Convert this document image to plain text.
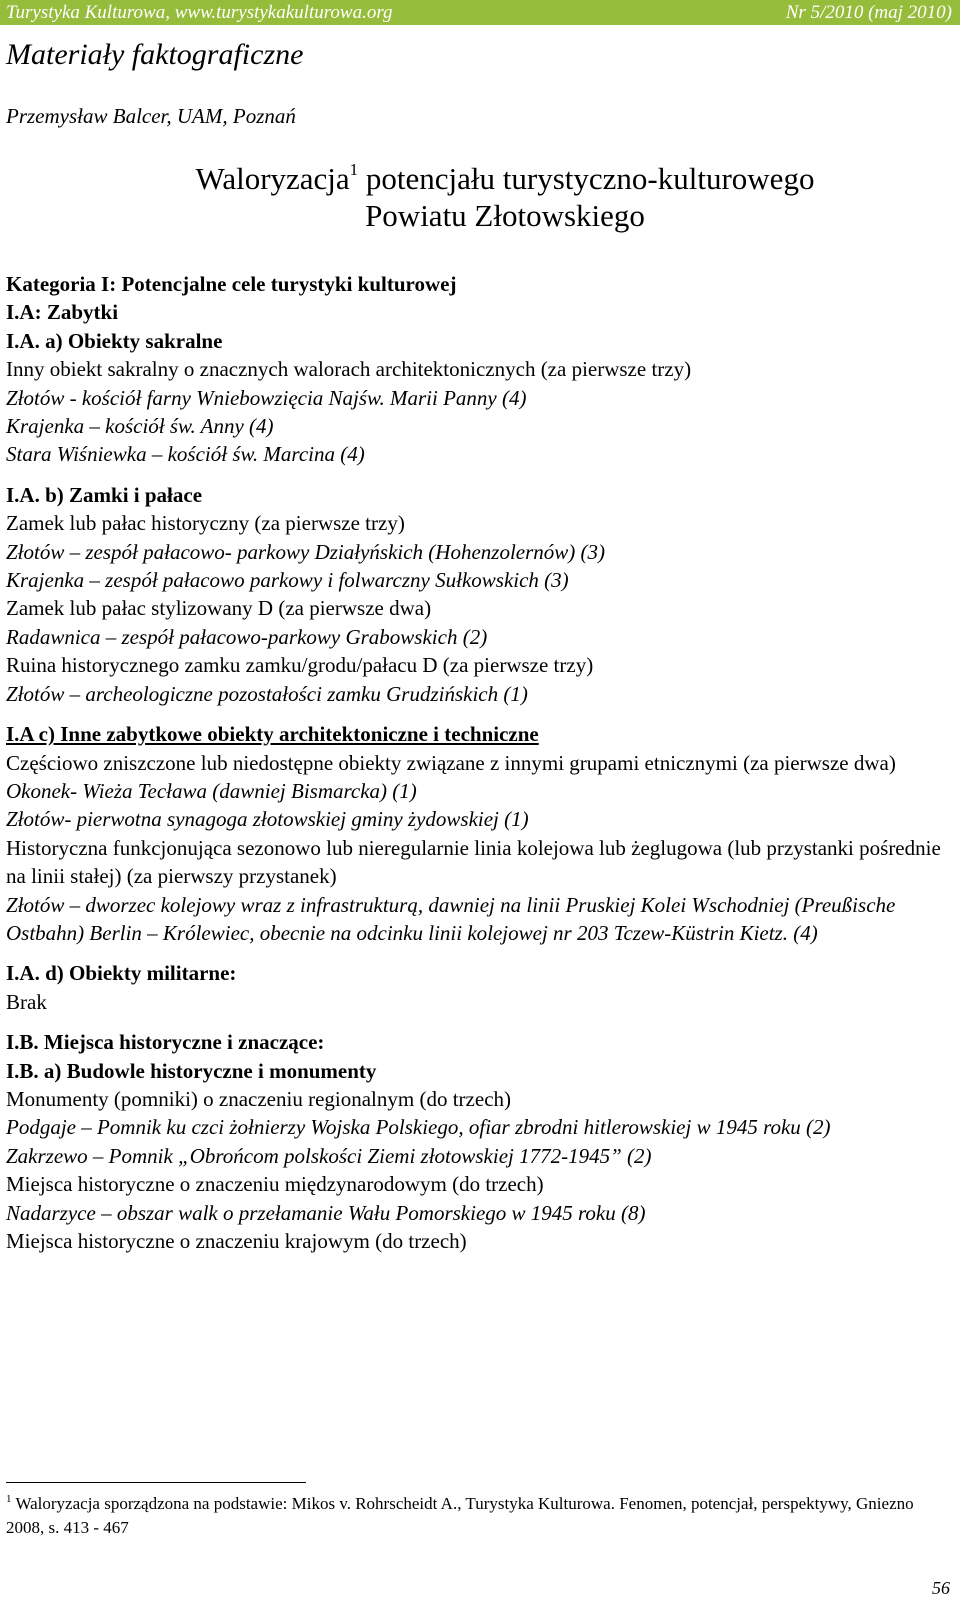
Turystyka Kulturowa, www.turystykakulturowa.org	Nr 5/2010 (maj 2010)
Materiały faktograficzne
Przemysław Balcer, UAM, Poznań
Waloryzacja$^1$ potencjału turystyczno-kulturowego
Powiatu Złotowskiego
Kategoria I: Potencjalne cele turystyki kulturowej
I.A: Zabytki
I.A. a) Obiekty sakralne
Inny obiekt sakralny o znacznych walorach architektonicznych (za pierwsze trzy)
Złotów - kościół farny Wniebowzięcia Najśw. Marii Panny (4)
Krajenka – kościół św. Anny (4)
Stara Wiśniewka – kościół św. Marcina (4)
I.A. b) Zamki i pałace
Zamek lub pałac historyczny (za pierwsze trzy)
Złotów – zespół pałacowo- parkowy Działyńskich (Hohenzolernów) (3)
Krajenka – zespół pałacowo parkowy i folwarczny Sułkowskich (3)
Zamek lub pałac stylizowany D (za pierwsze dwa)
Radawnica – zespół pałacowo-parkowy Grabowskich (2)
Ruina historycznego zamku zamku/grodu/pałacu D (za pierwsze trzy)
Złotów – archeologiczne pozostałości zamku Grudzińskich (1)
I.A c) Inne zabytkowe obiekty architektoniczne i techniczne
Częściowo zniszczone lub niedostępne obiekty związane z innymi grupami etnicznymi (za pierwsze dwa)
Okonek- Wieża Tecława (dawniej Bismarcka) (1)
Złotów- pierwotna synagoga złotowskiej gminy żydowskiej (1)
Historyczna funkcjonująca sezonowo lub nieregularnie linia kolejowa lub żeglugowa (lub przystanki pośrednie na linii stałej) (za pierwszy przystanek)
Złotów – dworzec kolejowy wraz z infrastrukturą, dawniej na linii Pruskiej Kolei Wschodniej (Preußische Ostbahn) Berlin – Królewiec, obecnie na odcinku linii kolejowej nr 203 Tczew-Küstrin Kietz. (4)
I.A. d) Obiekty militarne:
Brak
I.B. Miejsca historyczne i znaczące:
I.B. a) Budowle historyczne i monumenty
Monumenty (pomniki) o znaczeniu regionalnym (do trzech)
Podgaje – Pomnik ku czci żołnierzy Wojska Polskiego, ofiar zbrodni hitlerowskiej w 1945 roku (2)
Zakrzewo – Pomnik „Obrońcom polskości Ziemi złotowskiej 1772-1945” (2)
Miejsca historyczne o znaczeniu międzynarodowym (do trzech)
Nadarzyce – obszar walk o przełamanie Wału Pomorskiego w 1945 roku (8)
Miejsca historyczne o znaczeniu krajowym (do trzech)
$^1$ Waloryzacja sporządzona na podstawie: Mikos v. Rohrscheidt A., Turystyka Kulturowa. Fenomen, potencjał, perspektywy, Gniezno 2008, s. 413 - 467
56
